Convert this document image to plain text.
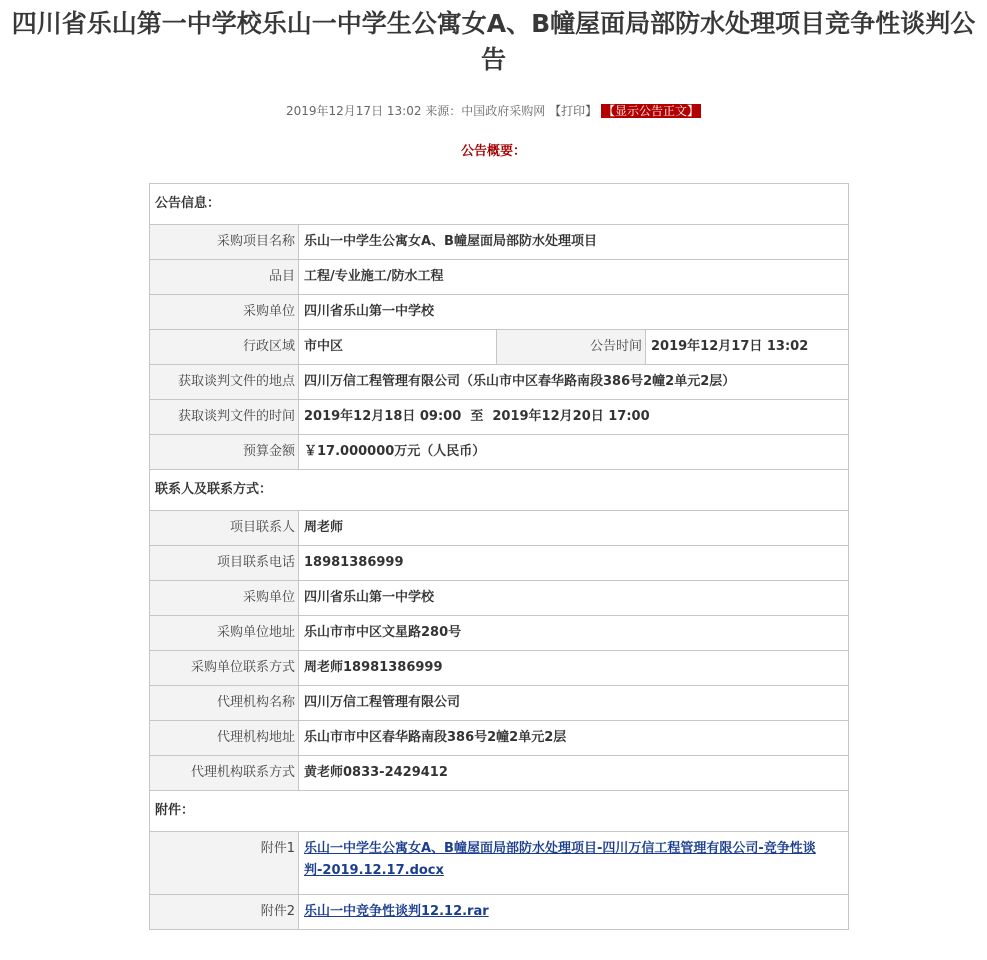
四川省乐山第一中学校乐山一中学生公寓女A、B幢屋面局部防水处理项目竞争性谈判公告
2019年12月17日 13:02 来源：中国政府采购网 【打印】 【显示公告正文】
公告概要：
公告信息：			
采购项目名称	乐山一中学生公寓女A、B幢屋面局部防水处理项目		
品目	工程/专业施工/防水工程		
采购单位	四川省乐山第一中学校		
行政区域	市中区	公告时间	2019年12月17日 13:02
获取谈判文件的地点	四川万信工程管理有限公司（乐山市中区春华路南段386号2幢2单元2层）		
获取谈判文件的时间	2019年12月18日 09:00  至  2019年12月20日 17:00		
预算金额	￥17.000000万元（人民币）		
联系人及联系方式：			
项目联系人	周老师		
项目联系电话	18981386999		
采购单位	四川省乐山第一中学校		
采购单位地址	乐山市市中区文星路280号		
采购单位联系方式	周老师18981386999		
代理机构名称	四川万信工程管理有限公司		
代理机构地址	乐山市市中区春华路南段386号2幢2单元2层		
代理机构联系方式	黄老师0833-2429412		
附件：			
附件1	乐山一中学生公寓女A、B幢屋面局部防水处理项目-四川万信工程管理有限公司-竞争性谈判-2019.12.17.docx		
附件2	乐山一中竞争性谈判12.12.rar		
